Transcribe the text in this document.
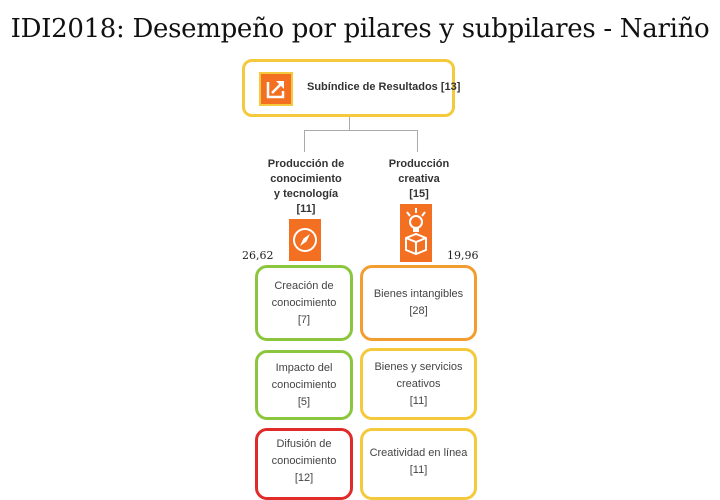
IDI2018: Desempeño por pilares y subpilares - Nariño
Subíndice de Resultados [13]
Producción de conocimiento
y tecnología
[11]
Producción creativa
[15]
26,62	19,96
Creación de
conocimiento
[7]
Impacto del
conocimiento
[5]
Difusión de
conocimiento
[12]
Bienes intangibles
[28]
Bienes y servicios
creativos
[11]
Creatividad en línea
[11]
